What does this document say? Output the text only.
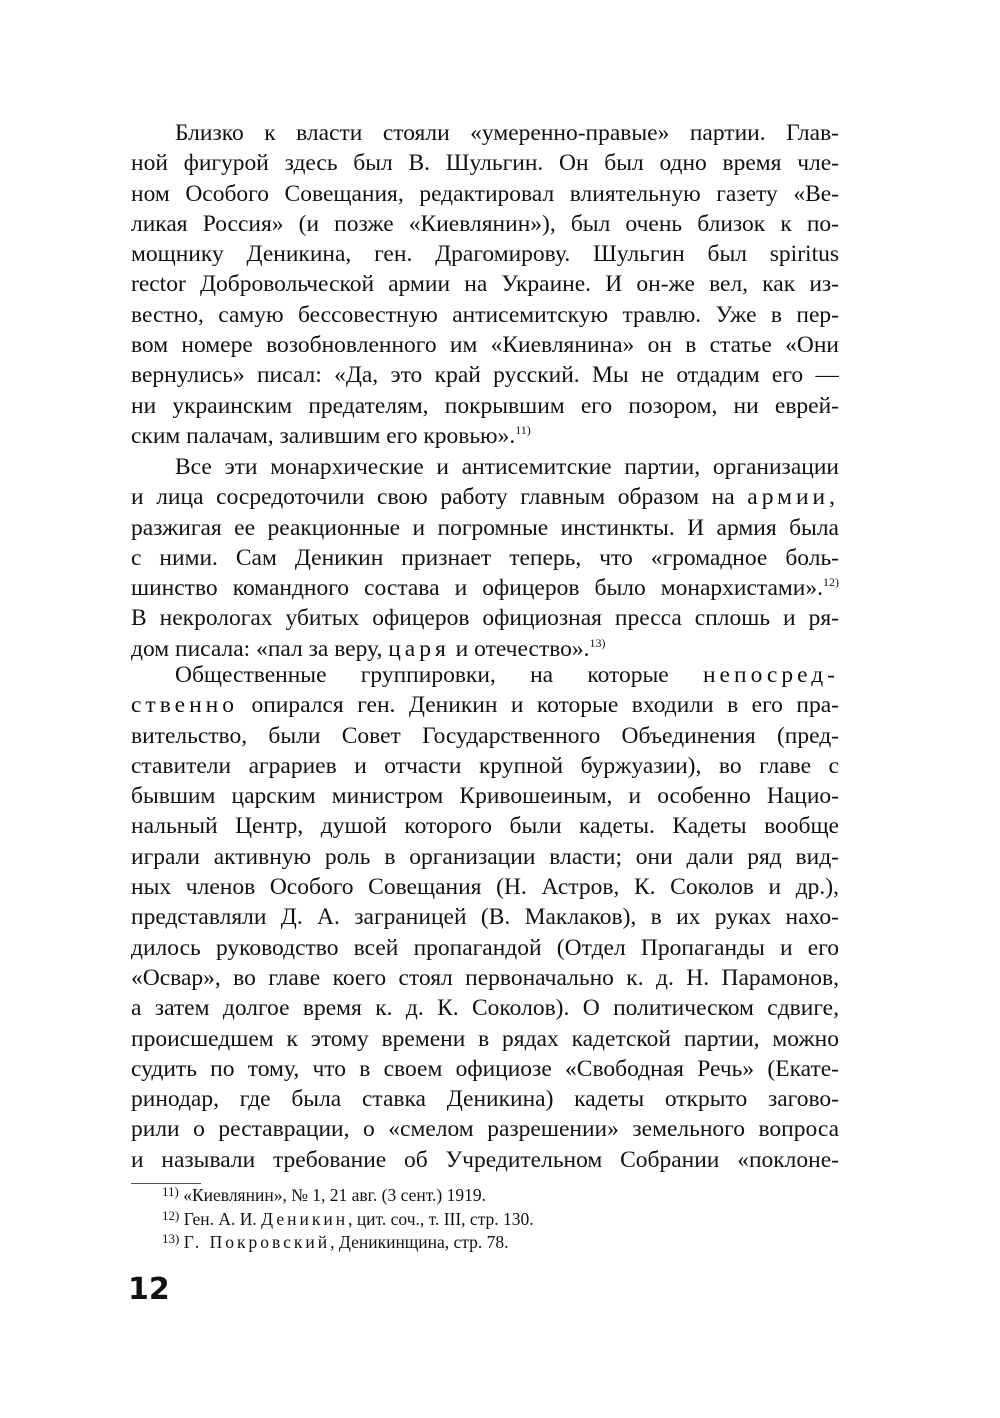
Близко к власти стояли «умеренно-правые» партии. Глав-
ной фигурой здесь был В. Шульгин. Он был одно время чле-
ном Особого Совещания, редактировал влиятельную газету «Ве-
ликая Россия» (и позже «Киевлянин»), был очень близок к по-
мощнику Деникина, ген. Драгомирову. Шульгин был spiritus
rector Добровольческой армии на Украине. И он-же вел, как из-
вестно, самую бессовестную антисемитскую травлю. Уже в пер-
вом номере возобновленного им «Киевлянина» он в статье «Они
вернулись» писал: «Да, это край русский. Мы не отдадим его —
ни украинским предателям, покрывшим его позором, ни еврей-
ским палачам, залившим его кровью».$^{11)}$
Все эти монархические и антисемитские партии, организации
и лица сосредоточили свою работу главным образом на армии,
разжигая ее реакционные и погромные инстинкты. И армия была
с ними. Сам Деникин признает теперь, что «громадное боль-
шинство командного состава и офицеров было монархистами».$^{12)}$
В некрологах убитых офицеров официозная пресса сплошь и ря-
дом писала: «пал за веру, царя и отечество».$^{13)}$
Общественные группировки, на которые непосред-
ственно опирался ген. Деникин и которые входили в его пра-
вительство, были Совет Государственного Объединения (пред-
ставители аграриев и отчасти крупной буржуазии), во главе с
бывшим царским министром Кривошеиным, и особенно Нацио-
нальный Центр, душой которого были кадеты. Кадеты вообще
играли активную роль в организации власти; они дали ряд вид-
ных членов Особого Совещания (Н. Астров, К. Соколов и др.),
представляли Д. А. заграницей (В. Маклаков), в их руках нахо-
дилось руководство всей пропагандой (Отдел Пропаганды и его
«Освар», во главе коего стоял первоначально к. д. Н. Парамонов,
а затем долгое время к. д. К. Соколов). О политическом сдвиге,
происшедшем к этому времени в рядах кадетской партии, можно
судить по тому, что в своем официозе «Свободная Речь» (Екате-
ринодар, где была ставка Деникина) кадеты открыто загово-
рили о реставрации, о «смелом разрешении» земельного вопроса
и называли требование об Учредительном Собрании «поклоне-
$^{11)}$ «Киевлянин», № 1, 21 авг. (3 сент.) 1919.
$^{12)}$ Ген. А. И. Деникин, цит. соч., т. III, стр. 130.
$^{13)}$ Г. Покровский, Деникинщина, стр. 78.
12
